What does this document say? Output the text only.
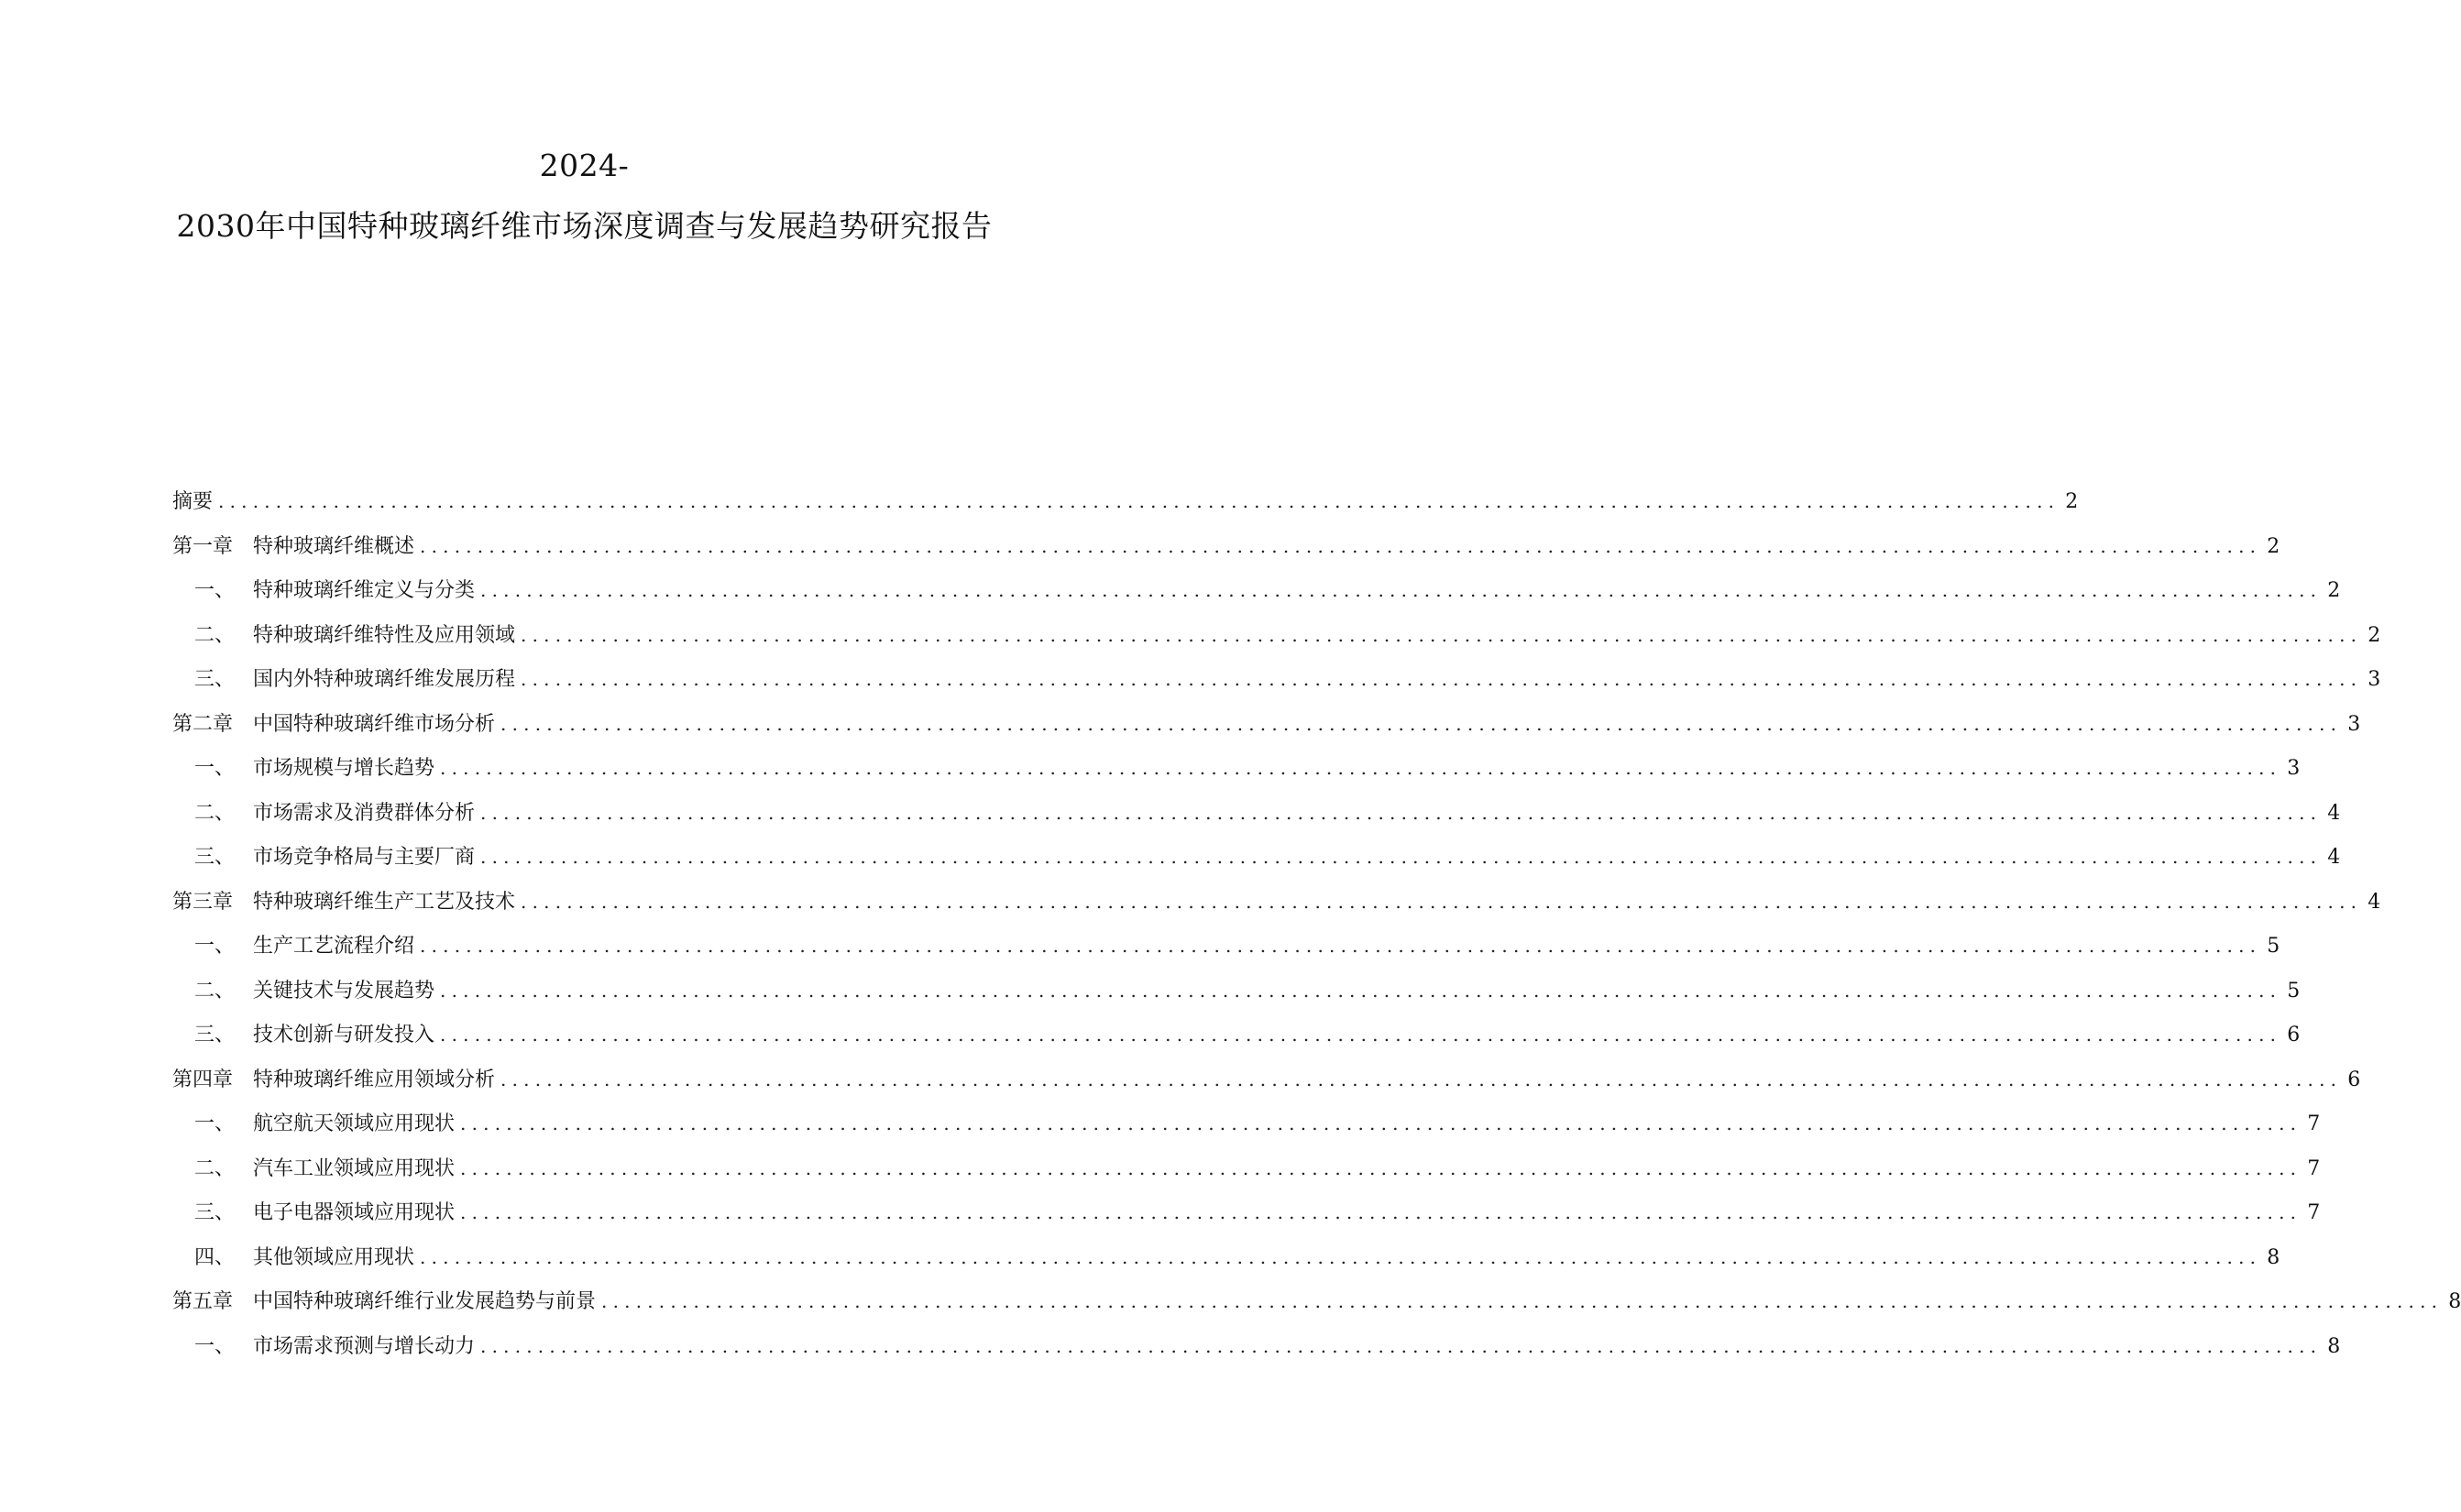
2024-
2030年中国特种玻璃纤维市场深度调查与发展趋势研究报告
摘要 ................................................................................................................................................................ 2
第一章 特种玻璃纤维概述 ................................................................................................................................................................ 2
一、 特种玻璃纤维定义与分类 ................................................................................................................................................................ 2
二、 特种玻璃纤维特性及应用领域 ................................................................................................................................................................ 2
三、 国内外特种玻璃纤维发展历程 ................................................................................................................................................................ 3
第二章 中国特种玻璃纤维市场分析 ................................................................................................................................................................ 3
一、 市场规模与增长趋势 ................................................................................................................................................................ 3
二、 市场需求及消费群体分析 ................................................................................................................................................................ 4
三、 市场竞争格局与主要厂商 ................................................................................................................................................................ 4
第三章 特种玻璃纤维生产工艺及技术 ................................................................................................................................................................ 4
一、 生产工艺流程介绍 ................................................................................................................................................................ 5
二、 关键技术与发展趋势 ................................................................................................................................................................ 5
三、 技术创新与研发投入 ................................................................................................................................................................ 6
第四章 特种玻璃纤维应用领域分析 ................................................................................................................................................................ 6
一、 航空航天领域应用现状 ................................................................................................................................................................ 7
二、 汽车工业领域应用现状 ................................................................................................................................................................ 7
三、 电子电器领域应用现状 ................................................................................................................................................................ 7
四、 其他领域应用现状 ................................................................................................................................................................ 8
第五章 中国特种玻璃纤维行业发展趋势与前景 ................................................................................................................................................................ 8
一、 市场需求预测与增长动力 ................................................................................................................................................................ 8
